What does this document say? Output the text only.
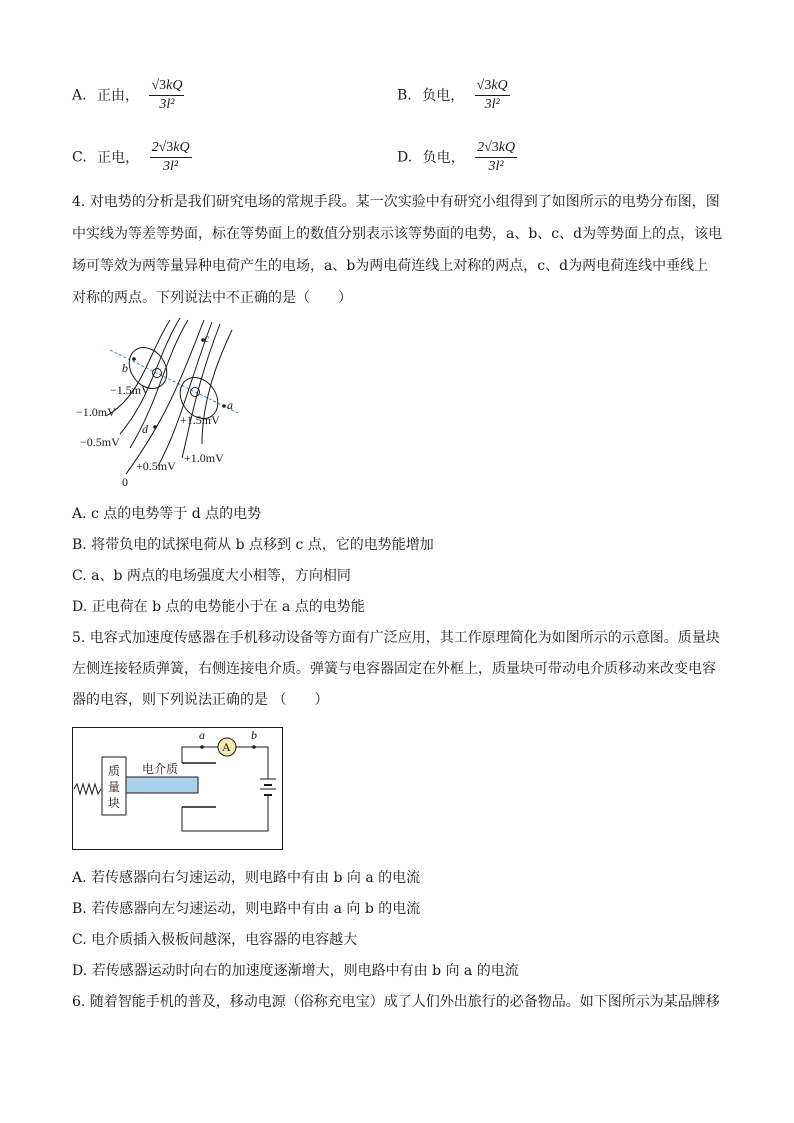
A. 正由， $\frac{√3kQ}{\text{3l²}}$	B. 负电， $\frac{√3kQ}{\text{3l²}}$
C. 正电， $\frac{2√3kQ}{\text{3l²}}$	D. 负电， $\frac{2√3kQ}{\text{3l²}}$
4. 对电势的分析是我们研究电场的常规手段。某一次实验中有研究小组得到了如图所示的电势分布图，图
中实线为等差等势面，标在等势面上的数值分别表示该等势面的电势，a、b、c、d为等势面上的点，该电
场可等效为两等量异种电荷产生的电场，a、b为两电荷连线上对称的两点，c、d为两电荷连线中垂线上
对称的两点。下列说法中不正确的是（　　）
b
c
d
a
−1.5mV
−1.0mV
−0.5mV
+1.5mV
+1.0mV
+0.5mV
0
A. c 点的电势等于 d 点的电势
B. 将带负电的试探电荷从 b 点移到 c 点，它的电势能增加
C. a、b 两点的电场强度大小相等，方向相同
D. 正电荷在 b 点的电势能小于在 a 点的电势能
5. 电容式加速度传感器在手机移动设备等方面有广泛应用，其工作原理简化为如图所示的示意图。质量块
左侧连接轻质弹簧，右侧连接电介质。弹簧与电容器固定在外框上，质量块可带动电介质移动来改变电容
器的电容，则下列说法正确的是 （　　）
A
a	b
电介质
质
量
块
A. 若传感器向右匀速运动，则电路中有由 b 向 a 的电流
B. 若传感器向左匀速运动，则电路中有由 a 向 b 的电流
C. 电介质插入极板间越深，电容器的电容越大
D. 若传感器运动时向右的加速度逐渐增大，则电路中有由 b 向 a 的电流
6. 随着智能手机的普及，移动电源（俗称充电宝）成了人们外出旅行的必备物品。如下图所示为某品牌移
